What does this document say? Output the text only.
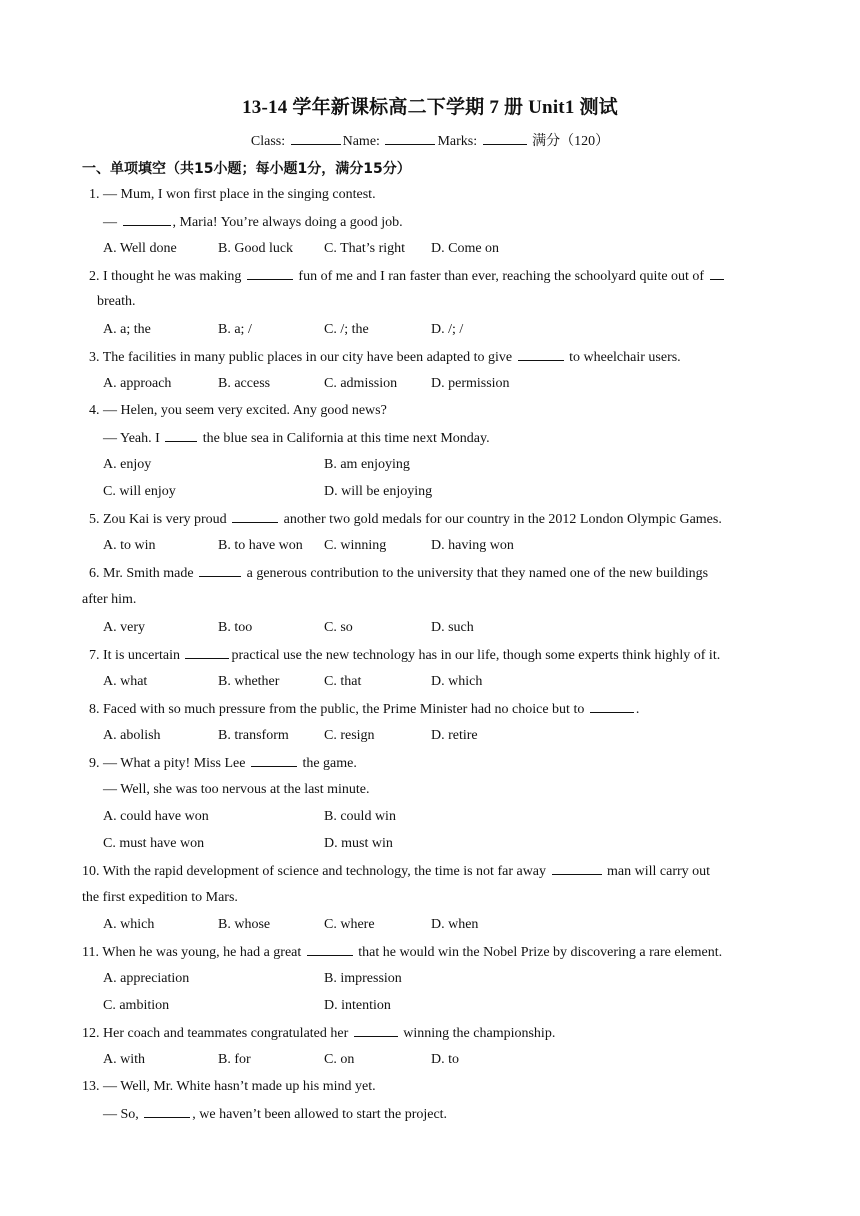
13-14 学年新课标高二下学期 7 册 Unit1 测试
Class:	Name:	Marks:	满分（120）
一、单项填空（共15小题；每小题1分，满分15分）
1. — Mum, I won first place in the singing contest.
—	, Maria! You’re always doing a good job.
A. Well done	B. Good luck C. That’s right D. Come on
2. I thought he was making	fun of me and I ran faster than ever, reaching the schoolyard quite out of
breath.
A. a; the	B. a; /	C. /; the	D. /; /
3. The facilities in many public places in our city have been adapted to give	to wheelchair users.
A. approach	B. access	C. admission D. permission
4. — Helen, you seem very excited. Any good news?
— Yeah. I	the blue sea in California at this time next Monday.
A. enjoy	B. am enjoying
C. will enjoy	D. will be enjoying
5. Zou Kai is very proud	another two gold medals for our country in the 2012 London Olympic Games.
A. to win	B. to have won C. winning	D. having won
6. Mr. Smith made	a generous contribution to the university that they named one of the new buildings
after him.
A. very	B. too	C. so	D. such
7. It is uncertain	practical use the new technology has in our life, though some experts think highly of it.
A. what	B. whether	C. that	D. which
8. Faced with so much pressure from the public, the Prime Minister had no choice but to	.
A. abolish	B. transform	C. resign	D. retire
9. — What a pity! Miss Lee	the game.
— Well, she was too nervous at the last minute.
A. could have won	B. could win
C. must have won	D. must win
10. With the rapid development of science and technology, the time is not far away	man will carry out
the first expedition to Mars.
A. which	B. whose	C. where	D. when
11. When he was young, he had a great	that he would win the Nobel Prize by discovering a rare element.
A. appreciation	B. impression
C. ambition	D. intention
12. Her coach and teammates congratulated her	winning the championship.
A. with	B. for	C. on	D. to
13. — Well, Mr. White hasn’t made up his mind yet.
— So,	, we haven’t been allowed to start the project.
